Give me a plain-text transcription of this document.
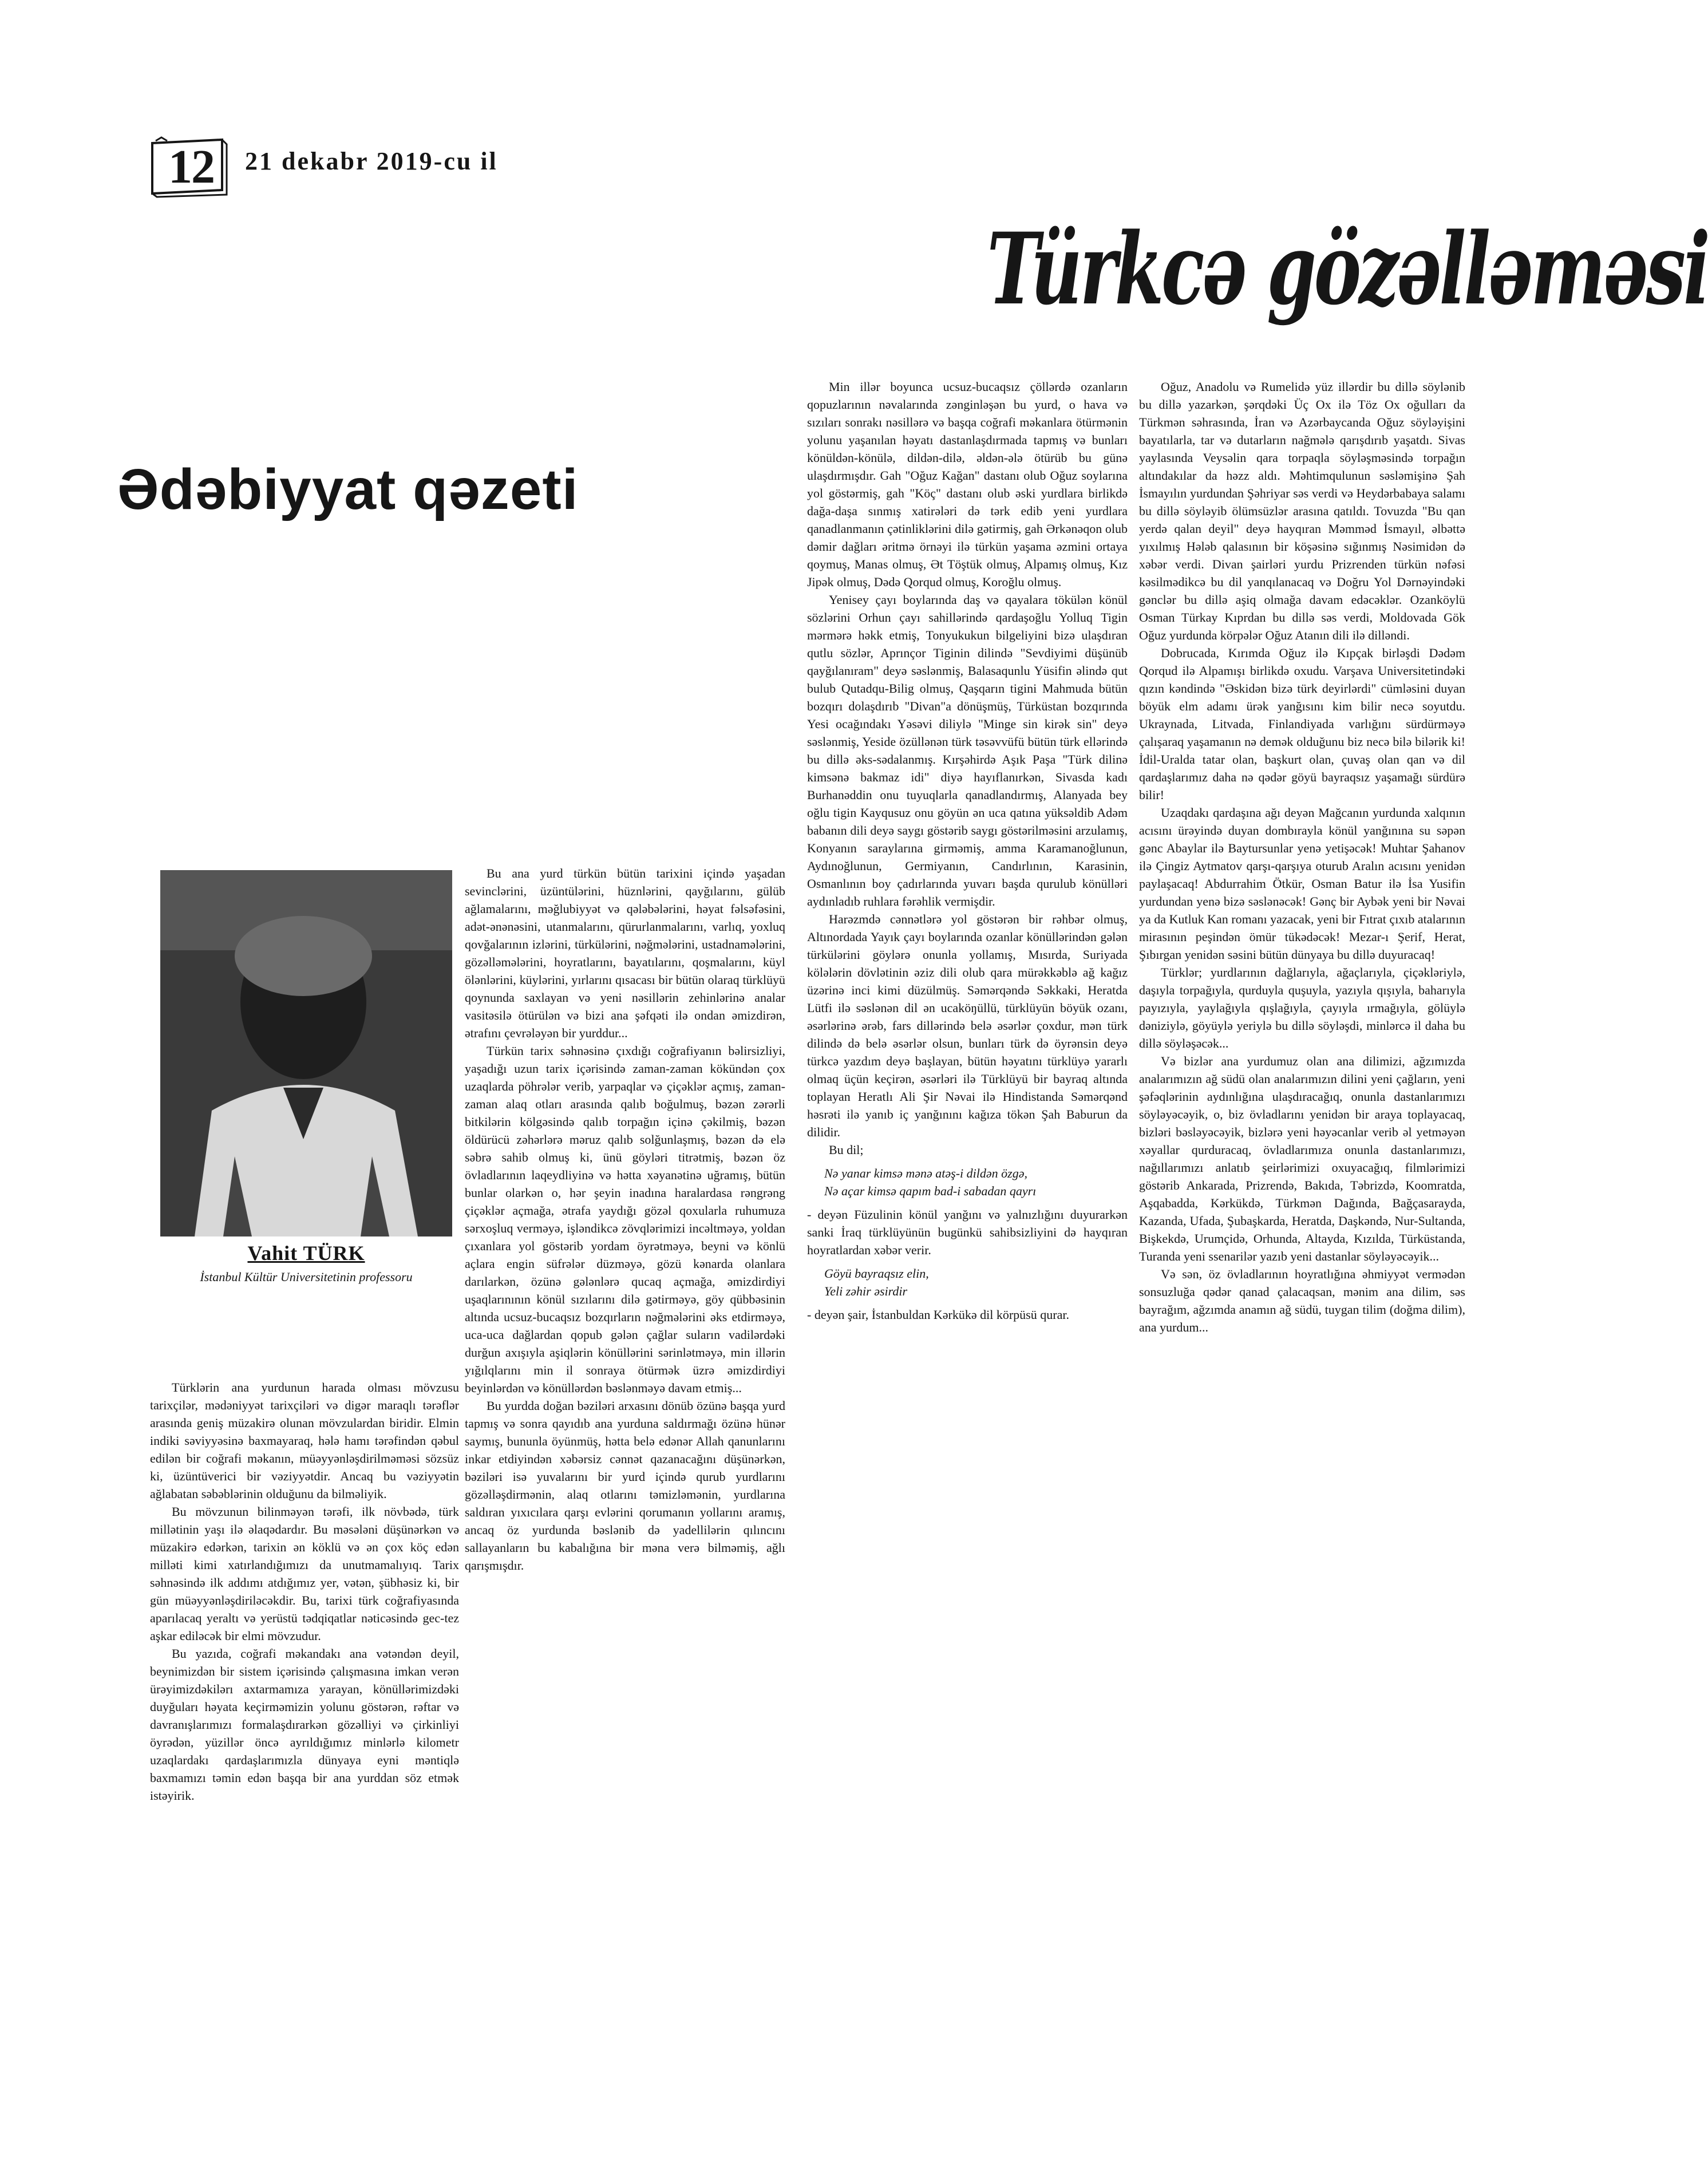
12	21 dekabr 2019-cu il
Türkcə gözəlləməsi
Ədəbiyyat qəzeti
Vahit TÜRK
İstanbul Kültür Universitetinin professoru

Türklərin ana yurdunun harada olması mövzusu tarixçilər, mədəniyyət tarixçiləri və digər maraqlı tərəflər arasında geniş müzakirə olunan mövzulardan biridir. Elmin indiki səviyyəsinə baxmayaraq, hələ hamı tərəfindən qəbul edilən bir coğrafi məkanın, müəyyənləşdirilməməsi sözsüz ki, üzüntüverici bir vəziyyətdir. Ancaq bu vəziyyətin ağlabatan səbəblərinin olduğunu da bilməliyik.

Bu mövzunun bilinməyən tərəfi, ilk növbədə, türk millətinin yaşı ilə əlaqədardır. Bu məsələni düşünərkən və müzakirə edərkən, tarixin ən köklü və ən çox köç edən milləti kimi xatırlandığımızı da unutmamalıyıq. Tarix səhnəsində ilk addımı atdığımız yer, vətən, şübhəsiz ki, bir gün müəyyənləşdiriləcəkdir. Bu, tarixi türk coğrafiyasında aparılacaq yeraltı və yerüstü tədqiqatlar nəticəsində gec-tez aşkar ediləcək bir elmi mövzudur.

Bu yazıda, coğrafi məkandakı ana vətəndən deyil, beynimizdən bir sistem içərisində çalışmasına imkan verən ürəyimizdəkilərı axtarmamıza yarayan, könüllərimizdəki duyğuları həyata keçirməmizin yolunu göstərən, rəftar və davranışlarımızı formalaşdırarkən gözəlliyi və çirkinliyi öyrədən, yüzillər öncə ayrıldığımız minlərlə kilometr uzaqlardakı qardaşlarımızla dünyaya eyni məntiqlə baxmamızı təmin edən başqa bir ana yurddan söz etmək istəyirik.

Bu ana yurd türkün bütün tarixini içində yaşadan sevinclərini, üzüntülərini, hüznlərini, qayğılarını, gülüb ağlamalarını, məğlubiyyət və qələbələrini, həyat fəlsəfəsini, adət-ənənəsini, utanmalarını, qürurlanmalarını, varlıq, yoxluq qovğalarının izlərini, türkülərini, nəğmələrini, ustadnamələrini, gözəlləmələrini, hoyratlarını, bayatılarını, qoşmalarını, küyl ölənlərini, küylərini, yırlarını qısacası bir bütün olaraq türklüyü qoynunda saxlayan və yeni nəsillərin zehinlərinə analar vasitəsilə ötürülən və bizi ana şəfqəti ilə ondan əmizdirən, ətrafını çevrələyən bir yurddur...

Türkün tarix səhnəsinə çıxdığı coğrafiyanın bəlirsizliyi, yaşadığı uzun tarix içərisində zaman-zaman kökündən çox uzaqlarda pöhrələr verib, yarpaqlar və çiçəklər açmış, zaman-zaman alaq otları arasında qalıb boğulmuş, bəzən zərərli bitkilərin kölgəsində qalıb torpağın içinə çəkilmiş, bəzən öldürücü zəhərlərə məruz qalıb solğunlaşmış, bəzən də elə səbrə sahib olmuş ki, ünü göyləri titrətmiş, bəzən öz övladlarının laqeydliyinə və hətta xəyanətinə uğramış, bütün bunlar olarkən o, hər şeyin inadına haralardasa rəngrəng çiçəklər açmağa, ətrafa yaydığı gözəl qoxularla ruhumuza sərxoşluq verməyə, işləndikcə zövqlərimizi incəltməyə, yoldan çıxanlara yol göstərib yordam öyrətməyə, beyni və könlü açlara engin süfrələr düzməyə, gözü kənarda olanlara darılarkən, özünə gələnlərə qucaq açmağa, əmizdirdiyi uşaqlarınının könül sızılarını dilə gətirməyə, göy qübbəsinin altında ucsuz-bucaqsız bozqırların nəğmələrini əks etdirməyə, uca-uca dağlardan qopub gələn çağlar suların vadilərdəki durğun axışıyla aşiqlərin könüllərini sərinlətməyə, min illərin yığılqlarını min il sonraya ötürmək üzrə əmizdirdiyi beyinlərdən və könüllərdən bəslənməyə davam etmiş...

Bu yurdda doğan bəziləri arxasını dönüb özünə başqa yurd tapmış və sonra qayıdıb ana yurduna saldırmağı özünə hünər saymış, bununla öyünmüş, hətta belə edənər Allah qanunlarını inkar etdiyindən xəbərsiz cənnət qazanacağını düşünərkən, bəziləri isə yuvalarını bir yurd içində qurub yurdlarını gözəlləşdirmənin, alaq otlarını təmizləmənin, yurdlarına saldıran yıxıcılara qarşı evlərini qorumanın yollarını aramış, ancaq öz yurdunda bəslənib də yadellilərin qılıncını sallayanların bu kabalığına bir məna verə bilməmiş, ağlı qarışmışdır.

Min illər boyunca ucsuz-bucaqsız çöllərdə ozanların qopuzlarının nəvalarında zənginləşən bu yurd, o hava və sızıları sonrakı nəsillərə və başqa coğrafi məkanlara ötürmənin yolunu yaşanılan həyatı dastanlaşdırmada tapmış və bunları könüldən-könülə, dildən-dilə, əldən-ələ ötürüb bu günə ulaşdırmışdır. Gah "Oğuz Kağan" dastanı olub Oğuz soylarına yol göstərmiş, gah "Köç" dastanı olub əski yurdlara birlikdə dağa-daşa sınmış xatirələri də tərk edib yeni yurdlara qanadlanmanın çətinliklərini dilə gətirmiş, gah Ərkənəqon olub dəmir dağları əritmə örnəyi ilə türkün yaşama əzmini ortaya qoymuş, Manas olmuş, Ət Töştük olmuş, Alpamış olmuş, Kız Jipək olmuş, Dədə Qorqud olmuş, Koroğlu olmuş.

Yenisey çayı boylarında daş və qayalara tökülən könül sözlərini Orhun çayı sahillərində qardaşoğlu Yolluq Tigin mərmərə həkk etmiş, Tonyukukun bilgeliyini bizə ulaşdıran qutlu sözlər, Aprınçor Tiginin dilində "Sevdiyimi düşünüb qayğılanıram" deyə səslənmiş, Balasaqunlu Yüsifin əlində qut bulub Qutadqu-Bilig olmuş, Qaşqarın tigini Mahmuda bütün bozqırı dolaşdırıb "Divan"a dönüşmüş, Türküstan bozqırında Yesi ocağındakı Yəsəvi diliylə "Minge sin kirək sin" deyə səslənmiş, Yeside özüllənən türk təsəvvüfü bütün türk ellərində bu dillə əks-sədalanmış. Kırşəhirdə Aşık Paşa "Türk dilinə kimsənə bakmaz idi" diyə hayıflanırkən, Sivasda kadı Burhanəddin onu tuyuqlarla qanadlandırmış, Alanyada bey oğlu tigin Kayqusuz onu göyün ən uca qatına yüksəldib Adəm babanın dili deyə saygı göstərib saygı göstərilməsini arzulamış, Konyanın saraylarına girməmiş, amma Karamanoğlunun, Aydınoğlunun, Germiyanın, Candırlının, Karasinin, Osmanlının boy çadırlarında yuvarı başda qurulub könülləri aydınladıb ruhlara fərəhlik vermişdir.

Harəzmdə cənnətlərə yol göstərən bir rəhbər olmuş, Altınordada Yayık çayı boylarında ozanlar könüllərindən gələn türkülərini göylərə onunla yollamış, Mısırda, Suriyada kölələrin dövlətinin əziz dili olub qara mürəkkəblə ağ kağız üzərinə inci kimi düzülmüş. Səmərqəndə Səkkaki, Heratda Lütfi ilə səslənən dil ən ucaköŋüllü, türklüyün böyük ozanı, əsərlərinə ərəb, fars dillərində belə əsərlər çoxdur, mən türk dilində də belə əsərlər olsun, bunları türk də öyrənsin deyə türkcə yazdım deyə başlayan, bütün həyatını türklüyə yararlı olmaq üçün keçirən, əsərləri ilə Türklüyü bir bayraq altında toplayan Heratlı Ali Şir Nəvai ilə Hindistanda Səmərqənd həsrəti ilə yanıb iç yanğınını kağıza tökən Şah Baburun da dilidir.

Bu dil;

Nə yanar kimsə mənə atəş-i dildən özgə,
Nə açar kimsə qapım bad-i sabadan qayrı

- deyən Füzulinin könül yanğını və yalnızlığını duyurarkən sanki İraq türklüyünün bugünkü sahibsizliyini də hayqıran hoyratlardan xəbər verir.

Göyü bayraqsız elin,
Yeli zəhir əsirdir

- deyən şair, İstanbuldan Kərkükə dil körpüsü qurar.

Oğuz, Anadolu və Rumelidə yüz illərdir bu dillə söylənib bu dillə yazarkən, şərqdəki Üç Ox ilə Töz Ox oğulları da Türkmən səhrasında, İran və Azərbaycanda Oğuz söyləyişini bayatılarla, tar və dutarların nağmələ qarışdırıb yaşatdı. Sivas yaylasında Veysəlin qara torpaqla söyləşməsində torpağın altındakılar da həzz aldı. Məhtimqulunun səsləmişinə Şah İsmayılın yurdundan Şəhriyar səs verdi və Heydərbabaya salamı bu dillə söyləyib ölümsüzlər arasına qatıldı. Tovuzda "Bu qan yerdə qalan deyil" deyə hayqıran Məmməd İsmayıl, əlbəttə yıxılmış Hələb qalasının bir köşəsinə sığınmış Nəsimidən də xəbər verdi. Divan şairləri yurdu Prizrenden türkün nəfəsi kəsilmədikcə bu dil yanqılanacaq və Doğru Yol Dərnəyindəki gənclər bu dillə aşiq olmağa davam edəcəklər. Ozanköylü Osman Türkay Kıprdan bu dillə səs verdi, Moldovada Gök Oğuz yurdunda körpələr Oğuz Atanın dili ilə dilləndi.

Dobrucada, Kırımda Oğuz ilə Kıpçak birləşdi Dədəm Qorqud ilə Alpamışı birlikdə oxudu. Varşava Universitetindəki qızın kəndində "Əskidən bizə türk deyirlərdi" cümləsini duyan böyük elm adamı ürək yanğısını kim bilir necə soyutdu. Ukraynada, Litvada, Finlandiyada varlığını sürdürməyə çalışaraq yaşamanın nə demək olduğunu biz necə bilə bilərik ki! İdil-Uralda tatar olan, başkurt olan, çuvaş olan qan və dil qardaşlarımız daha nə qədər göyü bayraqsız yaşamağı sürdürə bilir!

Uzaqdakı qardaşına ağı deyən Mağcanın yurdunda xalqının acısını ürəyində duyan dombırayla könül yanğınına su səpən gənc Abaylar ilə Baytursunlar yenə yetişəcək! Muhtar Şahanov ilə Çingiz Aytmatov qarşı-qarşıya oturub Aralın acısını yenidən paylaşacaq! Abdurrahim Ötkür, Osman Batur ilə İsa Yusifin yurdundan yenə bizə səslənəcək! Gənç bir Aybək yeni bir Nəvai ya da Kutluk Kan romanı yazacak, yeni bir Fıtrat çıxıb atalarının mirasının peşindən ömür tükədəcək! Mezar-ı Şerif, Herat, Şıbırgan yenidən səsini bütün dünyaya bu dillə duyuracaq!

Türklər; yurdlarının dağlarıyla, ağaçlarıyla, çiçəkləriylə, daşıyla torpağıyla, qurduyla quşuyla, yazıyla qışıyla, baharıyla payızıyla, yaylağıyla qışlağıyla, çayıyla ırmağıyla, gölüylə dəniziylə, göyüylə yeriylə bu dillə söyləşdi, minlərcə il daha bu dillə söyləşəcək...

Və bizlər ana yurdumuz olan ana dilimizi, ağzımızda analarımızın ağ südü olan analarımızın dilini yeni çağların, yeni şəfəqlərinin aydınlığına ulaşdıracağıq, onunla dastanlarımızı söyləyəcəyik, o, biz övladlarını yenidən bir araya toplayacaq, bizləri bəsləyəcəyik, bizlərə yeni həyəcanlar verib əl yetməyən xəyallar qurduracaq, övladlarımıza onunla dastanlarımızı, nağıllarımızı anlatıb şeirlərimizi oxuyacağıq, filmlərimizi göstərib Ankarada, Prizrendə, Bakıda, Təbrizdə, Koomratda, Aşqabadda, Kərkükdə, Türkmən Dağında, Bağçasarayda, Kazanda, Ufada, Şubaşkarda, Heratda, Daşkəndə, Nur-Sultanda, Bişkekdə, Urumçidə, Orhunda, Altayda, Kızılda, Türküstanda, Turanda yeni ssenarilər yazıb yeni dastanlar söyləyəcəyik...

Və sən, öz övladlarının hoyratlığına əhmiyyət vermədən sonsuzluğa qədər qanad çalacaqsan, mənim ana dilim, səs bayrağım, ağzımda anamın ağ südü, tuygan tilim (doğma dilim), ana yurdum...
